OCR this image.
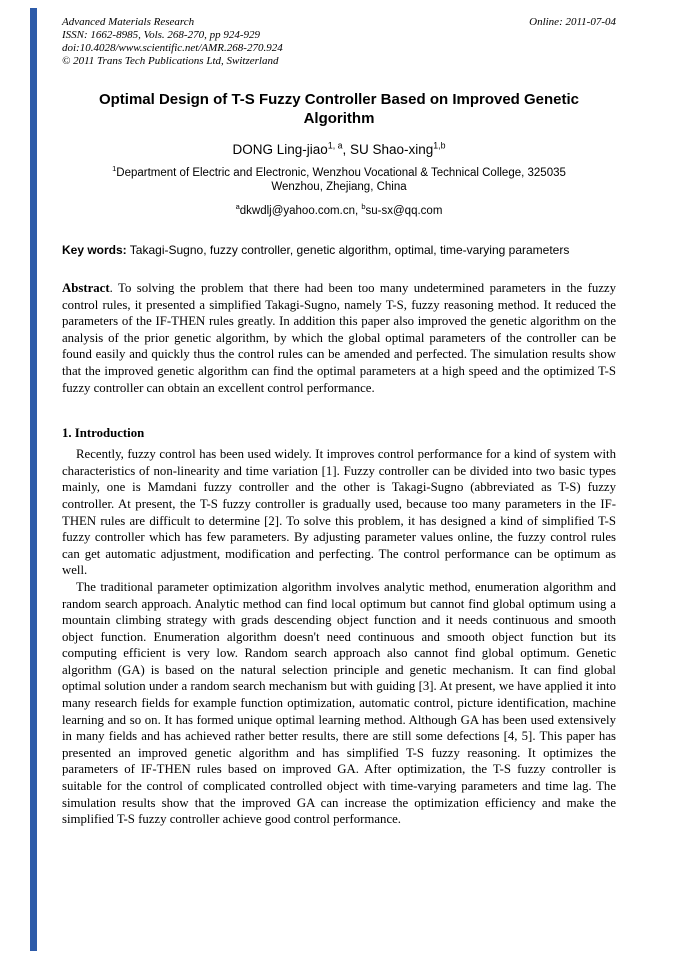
Advanced Materials Research
ISSN: 1662-8985, Vols. 268-270, pp 924-929
doi:10.4028/www.scientific.net/AMR.268-270.924
© 2011 Trans Tech Publications Ltd, Switzerland
Online: 2011-07-04
Optimal Design of T-S Fuzzy Controller Based on Improved Genetic Algorithm
DONG Ling-jiao$^{1, a}$, SU Shao-xing$^{1,b}$
$^1$Department of Electric and Electronic, Wenzhou Vocational & Technical College, 325035 Wenzhou, Zhejiang, China
$^a$dkwdlj@yahoo.com.cn, $^b$su-sx@qq.com
Key words: Takagi-Sugno, fuzzy controller, genetic algorithm, optimal, time-varying parameters

Abstract. To solving the problem that there had been too many undetermined parameters in the fuzzy control rules, it presented a simplified Takagi-Sugno, namely T-S, fuzzy reasoning method. It reduced the parameters of the IF-THEN rules greatly. In addition this paper also improved the genetic algorithm on the analysis of the prior genetic algorithm, by which the global optimal parameters of the controller can be found easily and quickly thus the control rules can be amended and perfected. The simulation results show that the improved genetic algorithm can find the optimal parameters at a high speed and the optimized T-S fuzzy controller can obtain an excellent control performance.

1. Introduction

Recently, fuzzy control has been used widely. It improves control performance for a kind of system with characteristics of non-linearity and time variation [1]. Fuzzy controller can be divided into two basic types mainly, one is Mamdani fuzzy controller and the other is Takagi-Sugno (abbreviated as T-S) fuzzy controller. At present, the T-S fuzzy controller is gradually used, because too many parameters in the IF-THEN rules are difficult to determine [2]. To solve this problem, it has designed a kind of simplified T-S fuzzy controller which has few parameters. By adjusting parameter values online, the fuzzy control rules can get automatic adjustment, modification and perfecting. The control performance can be optimum as well.

The traditional parameter optimization algorithm involves analytic method, enumeration algorithm and random search approach. Analytic method can find local optimum but cannot find global optimum using a mountain climbing strategy with grads descending object function and it needs continuous and smooth object function. Enumeration algorithm doesn't need continuous and smooth object function but its computing efficient is very low. Random search approach also cannot find global optimum. Genetic algorithm (GA) is based on the natural selection principle and genetic mechanism. It can find global optimal solution under a random search mechanism but with guiding [3]. At present, we have applied it into many research fields for example function optimization, automatic control, picture identification, machine learning and so on. It has formed unique optimal learning method. Although GA has been used extensively in many fields and has achieved rather better results, there are still some defections [4, 5]. This paper has presented an improved genetic algorithm and has simplified T-S fuzzy reasoning. It optimizes the parameters of IF-THEN rules based on improved GA. After optimization, the T-S fuzzy controller is suitable for the control of complicated controlled object with time-varying parameters and time lag. The simulation results show that the improved GA can increase the optimization efficiency and make the simplified T-S fuzzy controller achieve good control performance.
